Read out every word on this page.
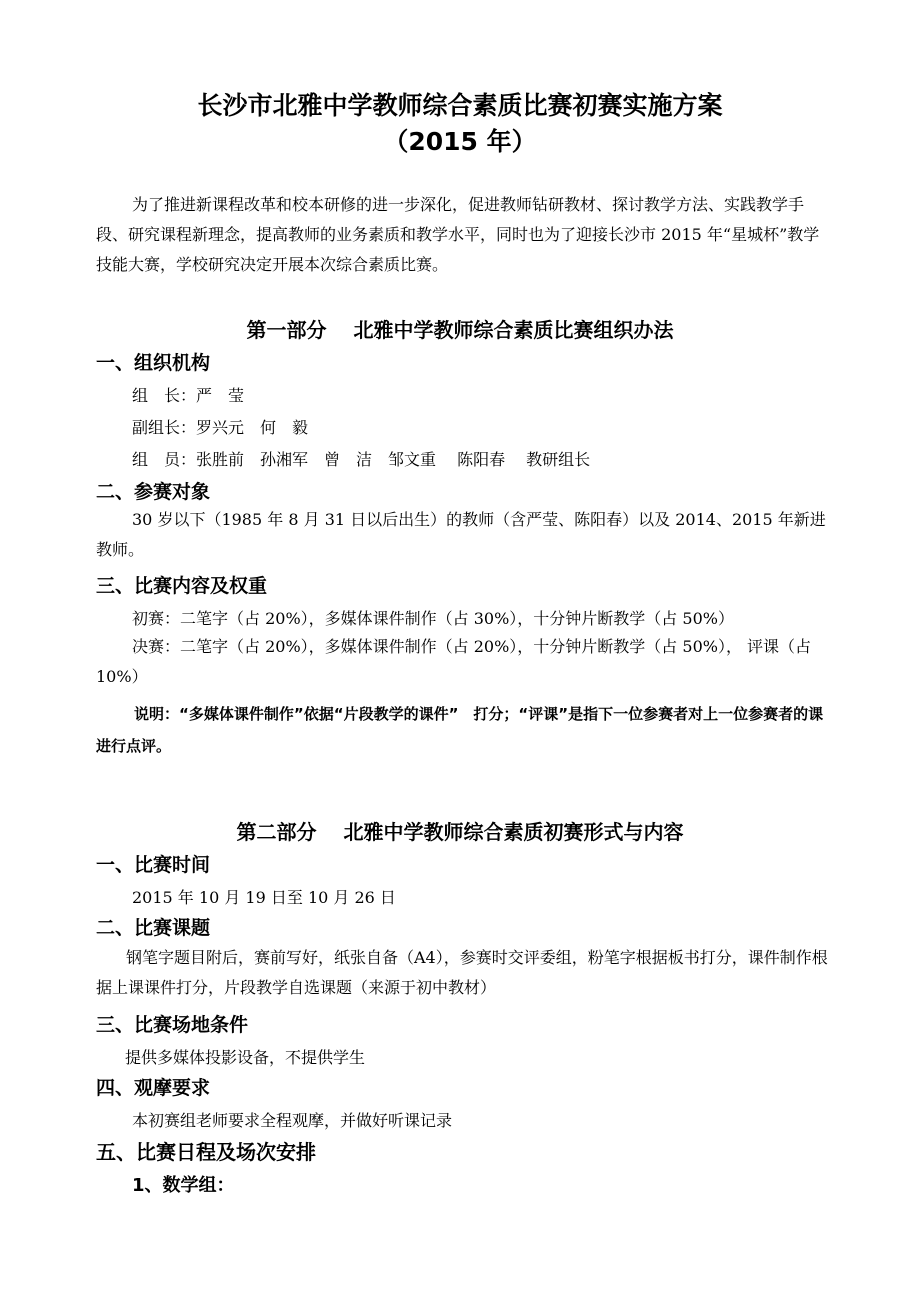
长沙市北雅中学教师综合素质比赛初赛实施方案
（2015 年）
为了推进新课程改革和校本研修的进一步深化，促进教师钻研教材、探讨教学方法、实践教学手段、研究课程新理念，提高教师的业务素质和教学水平，同时也为了迎接长沙市 2015 年“星城杯”教学技能大赛，学校研究决定开展本次综合素质比赛。
第一部分　 北雅中学教师综合素质比赛组织办法
一、组织机构
组　长：严　莹
副组长：罗兴元　何　毅
组　员：张胜前　孙湘军　曾　洁　邹文重　 陈阳春　 教研组长
二、参赛对象
30 岁以下（1985 年 8 月 31 日以后出生）的教师（含严莹、陈阳春）以及 2014、2015 年新进教师。
三、比赛内容及权重
初赛：二笔字（占 20%），多媒体课件制作（占 30%），十分钟片断教学（占 50%）
决赛：二笔字（占 20%），多媒体课件制作（占 20%），十分钟片断教学（占 50%）， 评课（占 10%）
说明：“多媒体课件制作”依据“片段教学的课件”　打分；“评课”是指下一位参赛者对上一位参赛者的课进行点评。
第二部分　 北雅中学教师综合素质初赛形式与内容
一、比赛时间
2015 年 10 月 19 日至 10 月 26 日
二、比赛课题
钢笔字题目附后，赛前写好，纸张自备（A4），参赛时交评委组，粉笔字根据板书打分，课件制作根据上课课件打分，片段教学自选课题（来源于初中教材）
三、比赛场地条件
提供多媒体投影设备，不提供学生
四、观摩要求
本初赛组老师要求全程观摩，并做好听课记录
五、比赛日程及场次安排
1、数学组：
